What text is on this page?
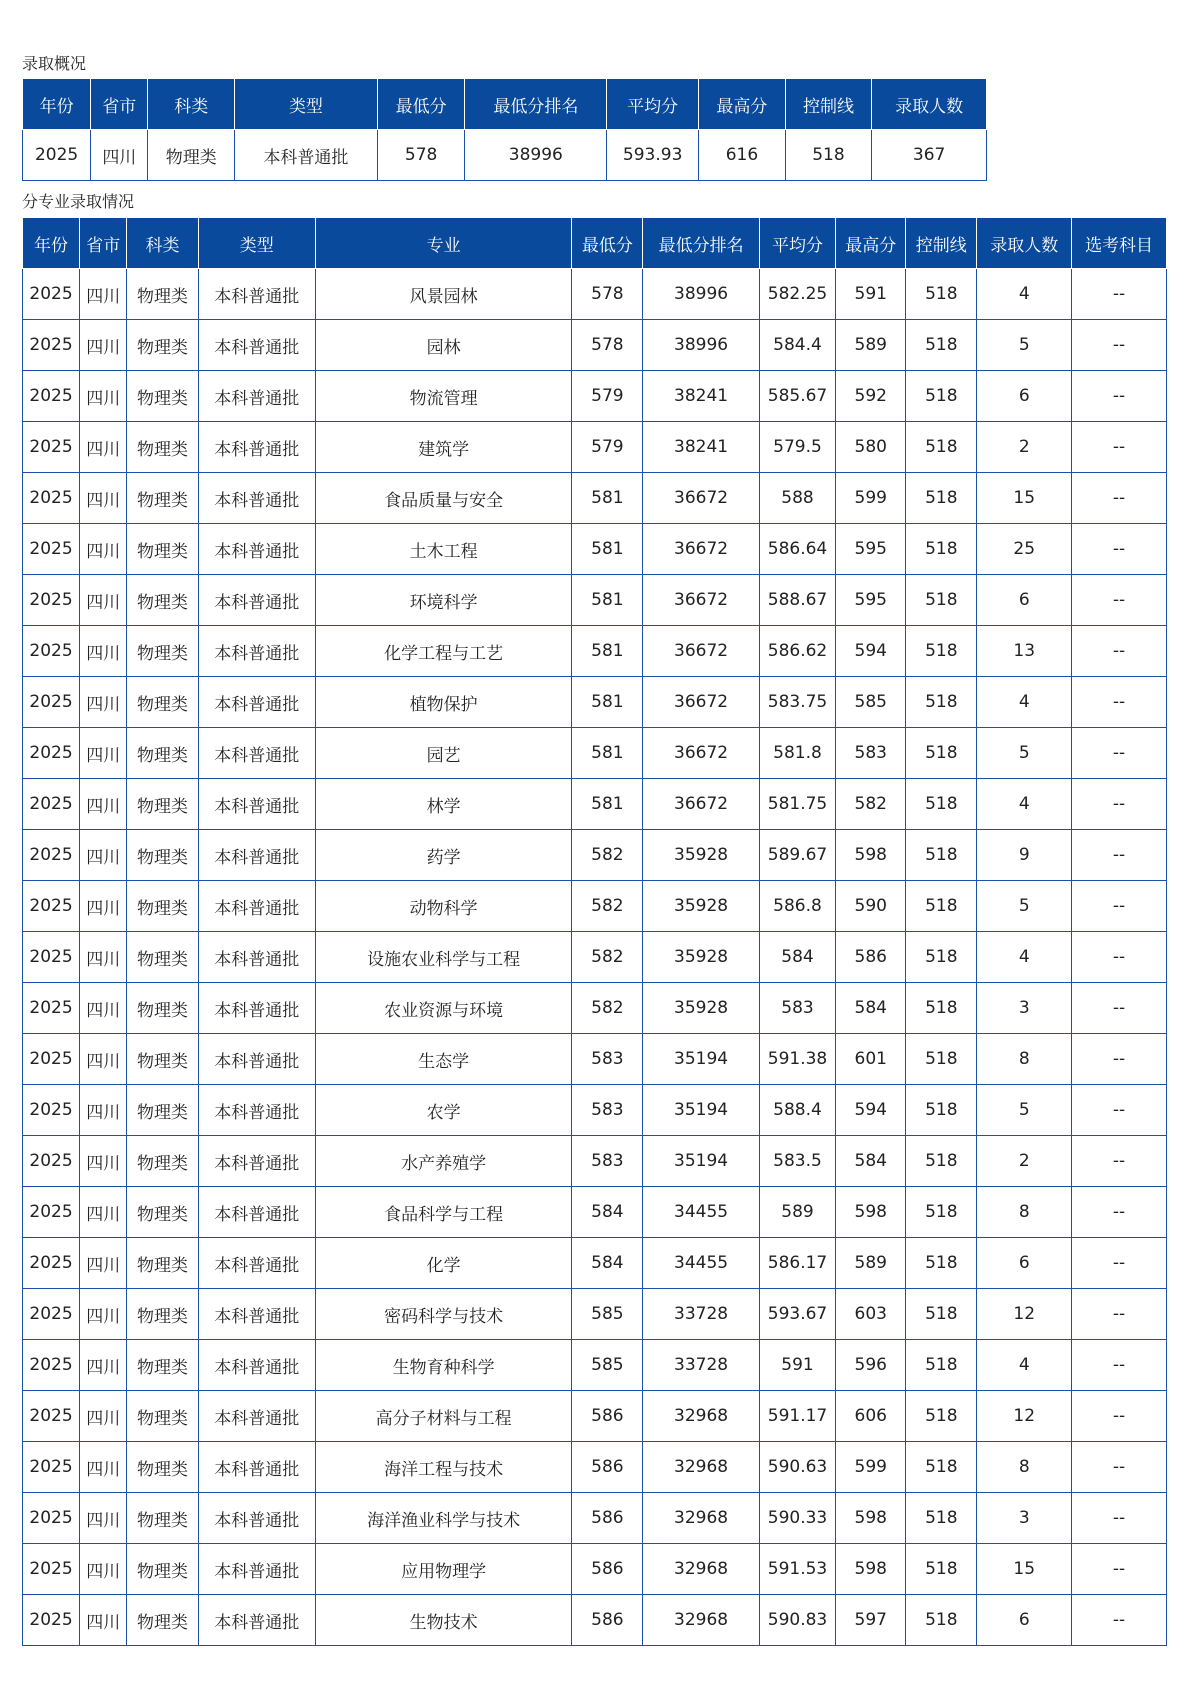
录取概况
年份	省市	科类	类型	最低分	最低分排名	平均分	最高分	控制线	录取人数
2025	四川	物理类	本科普通批	578	38996	593.93	616	518	367
分专业录取情况
年份	省市	科类	类型	专业	最低分	最低分排名	平均分	最高分	控制线	录取人数	选考科目
2025	四川	物理类	本科普通批	风景园林	578	38996	582.25	591	518	4	--
2025	四川	物理类	本科普通批	园林	578	38996	584.4	589	518	5	--
2025	四川	物理类	本科普通批	物流管理	579	38241	585.67	592	518	6	--
2025	四川	物理类	本科普通批	建筑学	579	38241	579.5	580	518	2	--
2025	四川	物理类	本科普通批	食品质量与安全	581	36672	588	599	518	15	--
2025	四川	物理类	本科普通批	土木工程	581	36672	586.64	595	518	25	--
2025	四川	物理类	本科普通批	环境科学	581	36672	588.67	595	518	6	--
2025	四川	物理类	本科普通批	化学工程与工艺	581	36672	586.62	594	518	13	--
2025	四川	物理类	本科普通批	植物保护	581	36672	583.75	585	518	4	--
2025	四川	物理类	本科普通批	园艺	581	36672	581.8	583	518	5	--
2025	四川	物理类	本科普通批	林学	581	36672	581.75	582	518	4	--
2025	四川	物理类	本科普通批	药学	582	35928	589.67	598	518	9	--
2025	四川	物理类	本科普通批	动物科学	582	35928	586.8	590	518	5	--
2025	四川	物理类	本科普通批	设施农业科学与工程	582	35928	584	586	518	4	--
2025	四川	物理类	本科普通批	农业资源与环境	582	35928	583	584	518	3	--
2025	四川	物理类	本科普通批	生态学	583	35194	591.38	601	518	8	--
2025	四川	物理类	本科普通批	农学	583	35194	588.4	594	518	5	--
2025	四川	物理类	本科普通批	水产养殖学	583	35194	583.5	584	518	2	--
2025	四川	物理类	本科普通批	食品科学与工程	584	34455	589	598	518	8	--
2025	四川	物理类	本科普通批	化学	584	34455	586.17	589	518	6	--
2025	四川	物理类	本科普通批	密码科学与技术	585	33728	593.67	603	518	12	--
2025	四川	物理类	本科普通批	生物育种科学	585	33728	591	596	518	4	--
2025	四川	物理类	本科普通批	高分子材料与工程	586	32968	591.17	606	518	12	--
2025	四川	物理类	本科普通批	海洋工程与技术	586	32968	590.63	599	518	8	--
2025	四川	物理类	本科普通批	海洋渔业科学与技术	586	32968	590.33	598	518	3	--
2025	四川	物理类	本科普通批	应用物理学	586	32968	591.53	598	518	15	--
2025	四川	物理类	本科普通批	生物技术	586	32968	590.83	597	518	6	--
